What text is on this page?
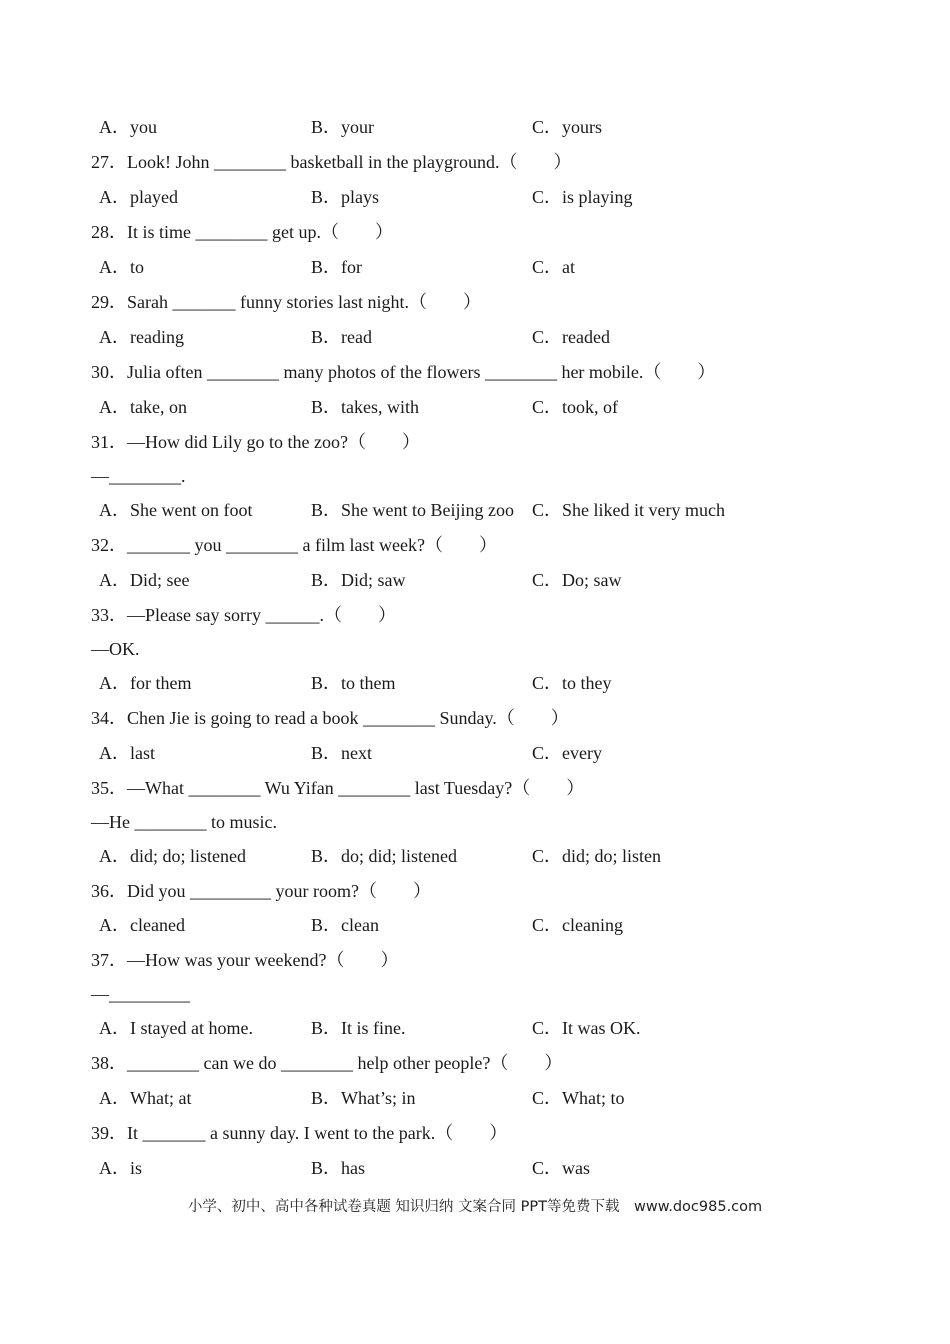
A．you	B．your	C．yours
27．Look! John ________ basketball in the playground.（　　）
A．played	B．plays	C．is playing
28．It is time ________ get up.（　　）
A．to	B．for	C．at
29．Sarah _______ funny stories last night.（　　）
A．reading	B．read	C．readed
30．Julia often ________ many photos of the flowers ________ her mobile.（　　）
A．take, on	B．takes, with	C．took, of
31．—How did Lily go to the zoo?（　　）
—________.
A．She went on foot	B．She went to Beijing zoo C．She liked it very much
32．_______ you ________ a film last week?（　　）
A．Did; see	B．Did; saw	C．Do; saw
33．—Please say sorry ______.（　　）
—OK.
A．for them	B．to them	C．to they
34．Chen Jie is going to read a book ________ Sunday.（　　）
A．last	B．next	C．every
35．—What ________ Wu Yifan ________ last Tuesday?（　　）
—He ________ to music.
A．did; do; listened	B．do; did; listened	C．did; do; listen
36．Did you _________ your room?（　　）
A．cleaned	B．clean	C．cleaning
37．—How was your weekend?（　　）
—_________
A．I stayed at home.	B．It is fine.	C．It was OK.
38．________ can we do ________ help other people?（　　）
A．What; at	B．What’s; in	C．What; to
39．It _______ a sunny day. I went to the park.（　　）
A．is	B．has	C．was
小学、初中、高中各种试卷真题 知识归纳 文案合同 PPT等免费下载　www.doc985.com
